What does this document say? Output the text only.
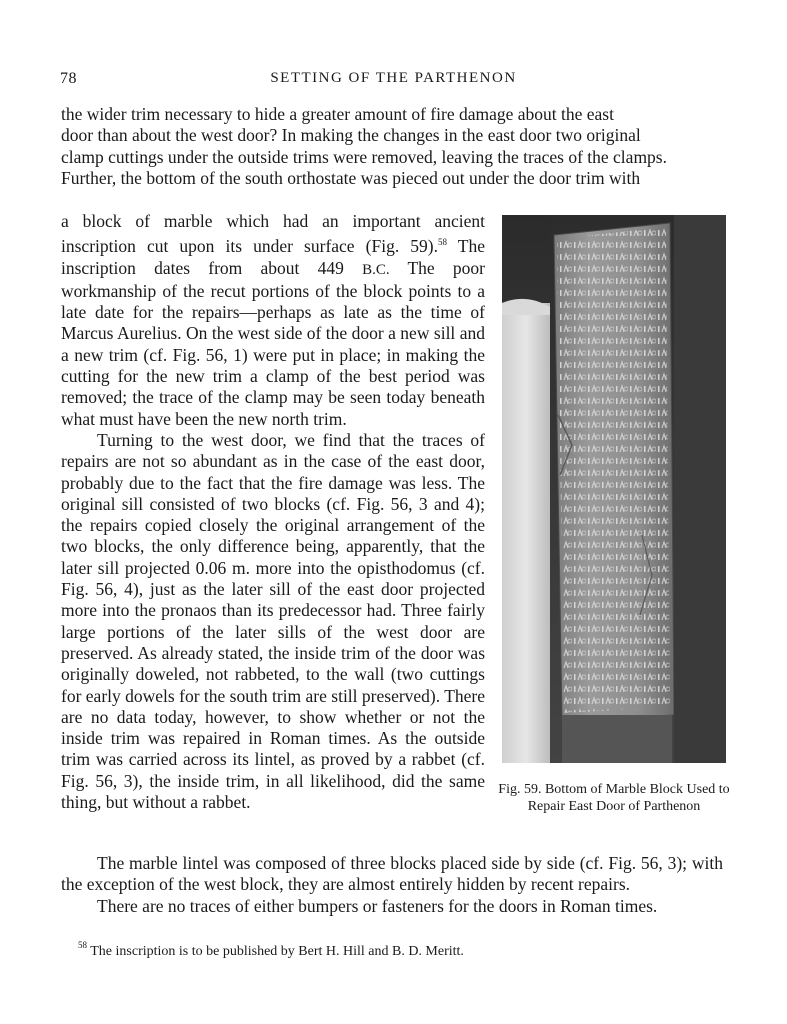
78	SETTING OF THE PARTHENON
the wider trim necessary to hide a greater amount of fire damage about the east
door than about the west door? In making the changes in the east door two original
clamp cuttings under the outside trims were removed, leaving the traces of the clamps.
Further, the bottom of the south orthostate was pieced out under the door trim with

a block of marble which had an important ancient inscription cut upon its under surface (Fig. 59).$^{58}$ The inscription dates from about 449 B.C. The poor workmanship of the recut portions of the block points to a late date for the repairs—perhaps as late as the time of Marcus Aurelius. On the west side of the door a new sill and a new trim (cf. Fig. 56, 1) were put in place; in making the cutting for the new trim a clamp of the best period was removed; the trace of the clamp may be seen today beneath what must have been the new north trim.

Turning to the west door, we find that the traces of repairs are not so abundant as in the case of the east door, probably due to the fact that the fire damage was less. The original sill consisted of two blocks (cf. Fig. 56, 3 and 4); the repairs copied closely the original arrangement of the two blocks, the only difference being, apparently, that the later sill projected 0.06 m. more into the opisthodomus (cf. Fig. 56, 4), just as the later sill of the east door projected more into the pronaos than its predecessor had. Three fairly large portions of the later sills of the west door are preserved. As already stated, the inside trim of the door was originally doweled, not rabbeted, to the wall (two cuttings for early dowels for the south trim are still preserved). There are no data today, however, to show whether or not the inside trim was repaired in Roman times. As the outside trim was carried across its lintel, as proved by a rabbet (cf. Fig. 56, 3), the inside trim, in all likelihood, did the same thing, but without a rabbet.

Fig. 59. Bottom of Marble Block Used to Repair East Door of Parthenon

The marble lintel was composed of three blocks placed side by side (cf. Fig. 56, 3); with the exception of the west block, they are almost entirely hidden by recent repairs.

There are no traces of either bumpers or fasteners for the doors in Roman times.

$^{58}$ The inscription is to be published by Bert H. Hill and B. D. Meritt.
